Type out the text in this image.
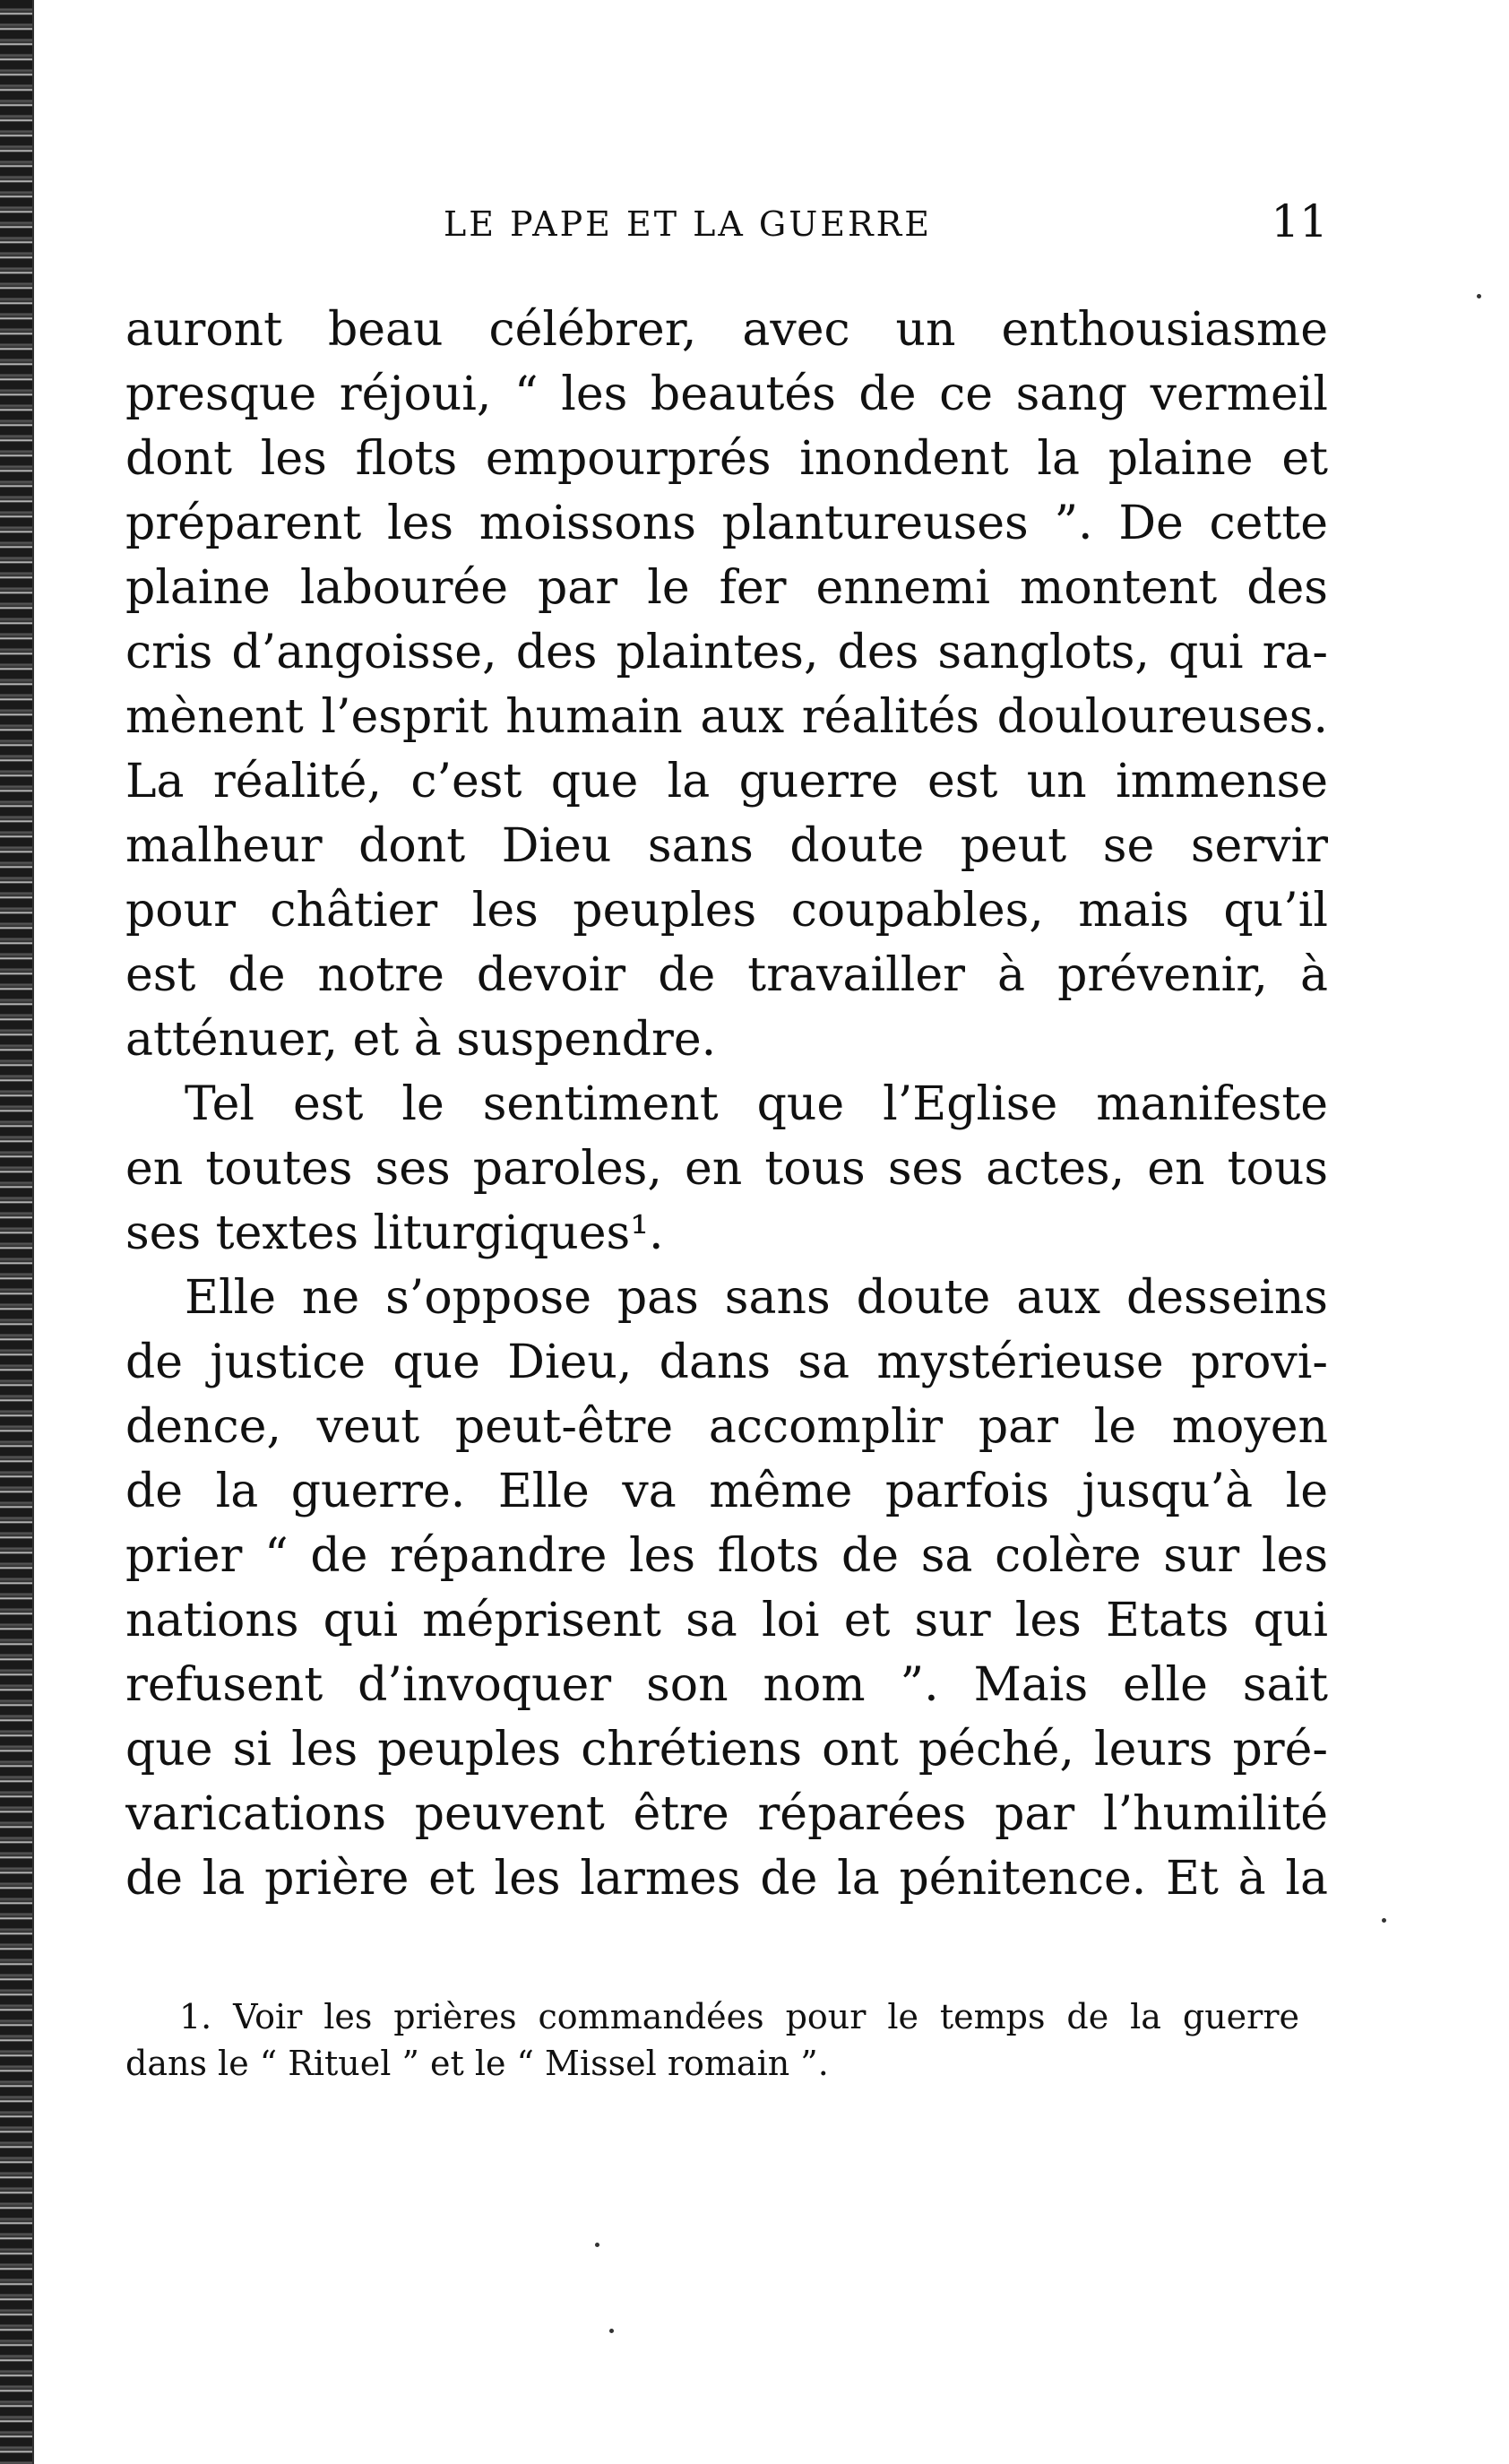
LE PAPE ET LA GUERRE	11
auront beau célébrer, avec un enthousiasme
presque réjoui, “ les beautés de ce sang vermeil
dont les flots empourprés inondent la plaine et
préparent les moissons plantureuses ”. De cette
plaine labourée par le fer ennemi montent des
cris d’angoisse, des plaintes, des sanglots, qui ra-
mènent l’esprit humain aux réalités douloureuses.
La réalité, c’est que la guerre est un immense
malheur dont Dieu sans doute peut se servir
pour châtier les peuples coupables, mais qu’il
est de notre devoir de travailler à prévenir, à
atténuer, et à suspendre.
Tel est le sentiment que l’Eglise manifeste
en toutes ses paroles, en tous ses actes, en tous
ses textes liturgiques¹.
Elle ne s’oppose pas sans doute aux desseins
de justice que Dieu, dans sa mystérieuse provi-
dence, veut peut-être accomplir par le moyen
de la guerre. Elle va même parfois jusqu’à le
prier “ de répandre les flots de sa colère sur les
nations qui méprisent sa loi et sur les Etats qui
refusent d’invoquer son nom ”. Mais elle sait
que si les peuples chrétiens ont péché, leurs pré-
varications peuvent être réparées par l’humilité
de la prière et les larmes de la pénitence. Et à la
1. Voir les prières commandées pour le temps de la guerre
dans le “ Rituel ” et le “ Missel romain ”.
